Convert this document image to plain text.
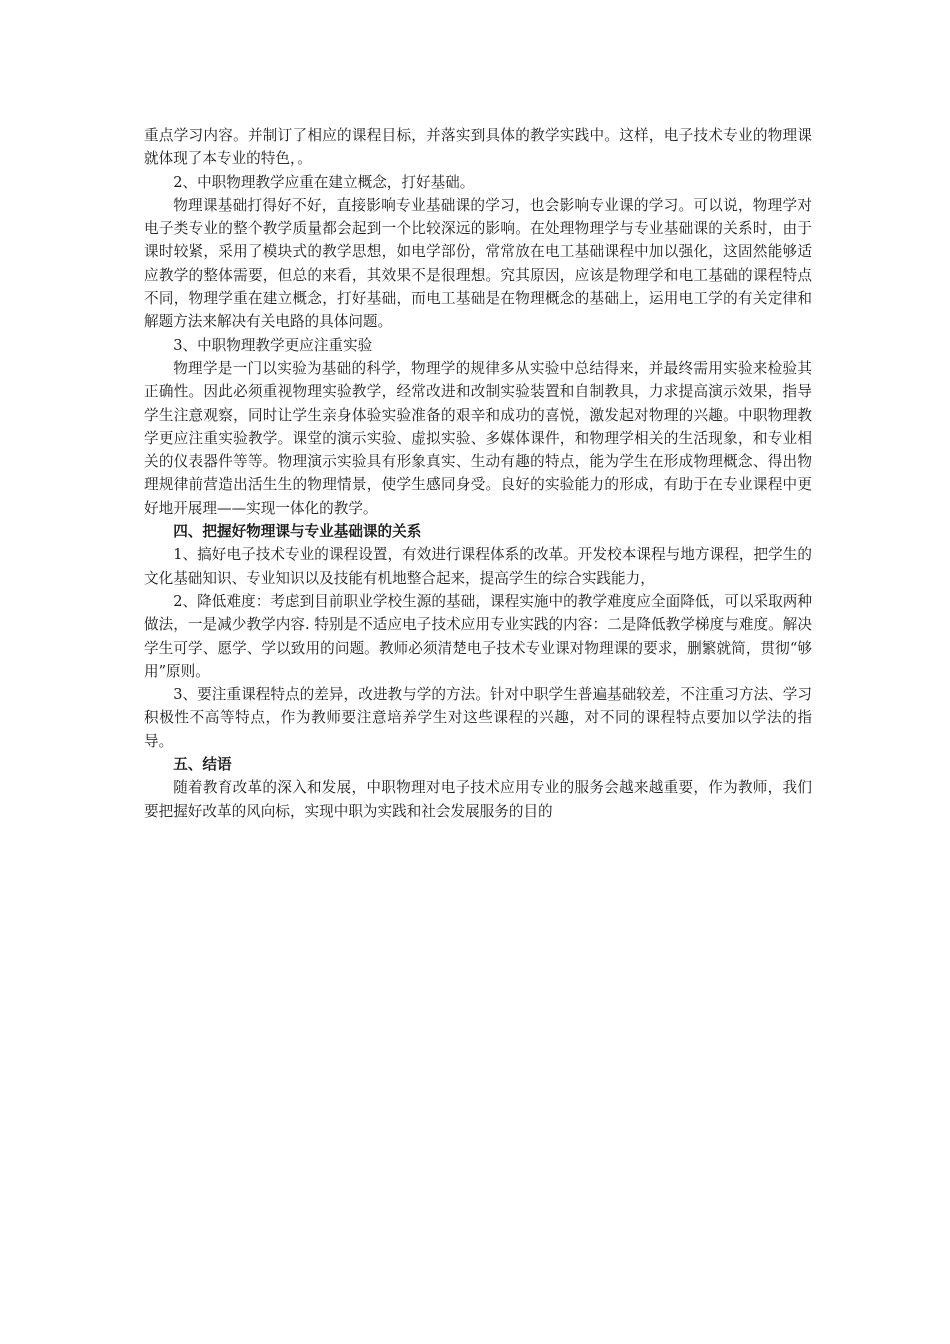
重点学习内容。并制订了相应的课程目标，并落实到具体的教学实践中。这样，电子技术专业的物理课就体现了本专业的特色，。

2、中职物理教学应重在建立概念，打好基础。

物理课基础打得好不好，直接影响专业基础课的学习，也会影响专业课的学习。可以说，物理学对电子类专业的整个教学质量都会起到一个比较深远的影响。在处理物理学与专业基础课的关系时，由于课时较紧，采用了模块式的教学思想，如电学部份，常常放在电工基础课程中加以强化，这固然能够适应教学的整体需要，但总的来看，其效果不是很理想。究其原因，应该是物理学和电工基础的课程特点不同，物理学重在建立概念，打好基础，而电工基础是在物理概念的基础上，运用电工学的有关定律和解题方法来解决有关电路的具体问题。

3、中职物理教学更应注重实验

物理学是一门以实验为基础的科学，物理学的规律多从实验中总结得来，并最终需用实验来检验其正确性。因此必须重视物理实验教学，经常改进和改制实验装置和自制教具，力求提高演示效果，指导学生注意观察，同时让学生亲身体验实验准备的艰辛和成功的喜悦，激发起对物理的兴趣。中职物理教学更应注重实验教学。课堂的演示实验、虚拟实验、多媒体课件，和物理学相关的生活现象，和专业相关的仪表器件等等。物理演示实验具有形象真实、生动有趣的特点，能为学生在形成物理概念、得出物理规律前营造出活生生的物理情景，使学生感同身受。良好的实验能力的形成，有助于在专业课程中更好地开展理——实现一体化的教学。

四、把握好物理课与专业基础课的关系

1、搞好电子技术专业的课程设置，有效进行课程体系的改革。开发校本课程与地方课程，把学生的文化基础知识、专业知识以及技能有机地整合起来，提高学生的综合实践能力，

2、降低难度：考虑到目前职业学校生源的基础，课程实施中的教学难度应全面降低，可以采取两种做法，一是减少教学内容. 特别是不适应电子技术应用专业实践的内容：二是降低教学梯度与难度。解决学生可学、愿学、学以致用的问题。教师必须清楚电子技术专业课对物理课的要求，删繁就简，贯彻“够用”原则。

3、要注重课程特点的差异，改进教与学的方法。针对中职学生普遍基础较差，不注重习方法、学习积极性不高等特点，作为教师要注意培养学生对这些课程的兴趣，对不同的课程特点要加以学法的指导。

五、结语

随着教育改革的深入和发展，中职物理对电子技术应用专业的服务会越来越重要，作为教师，我们要把握好改革的风向标，实现中职为实践和社会发展服务的目的
